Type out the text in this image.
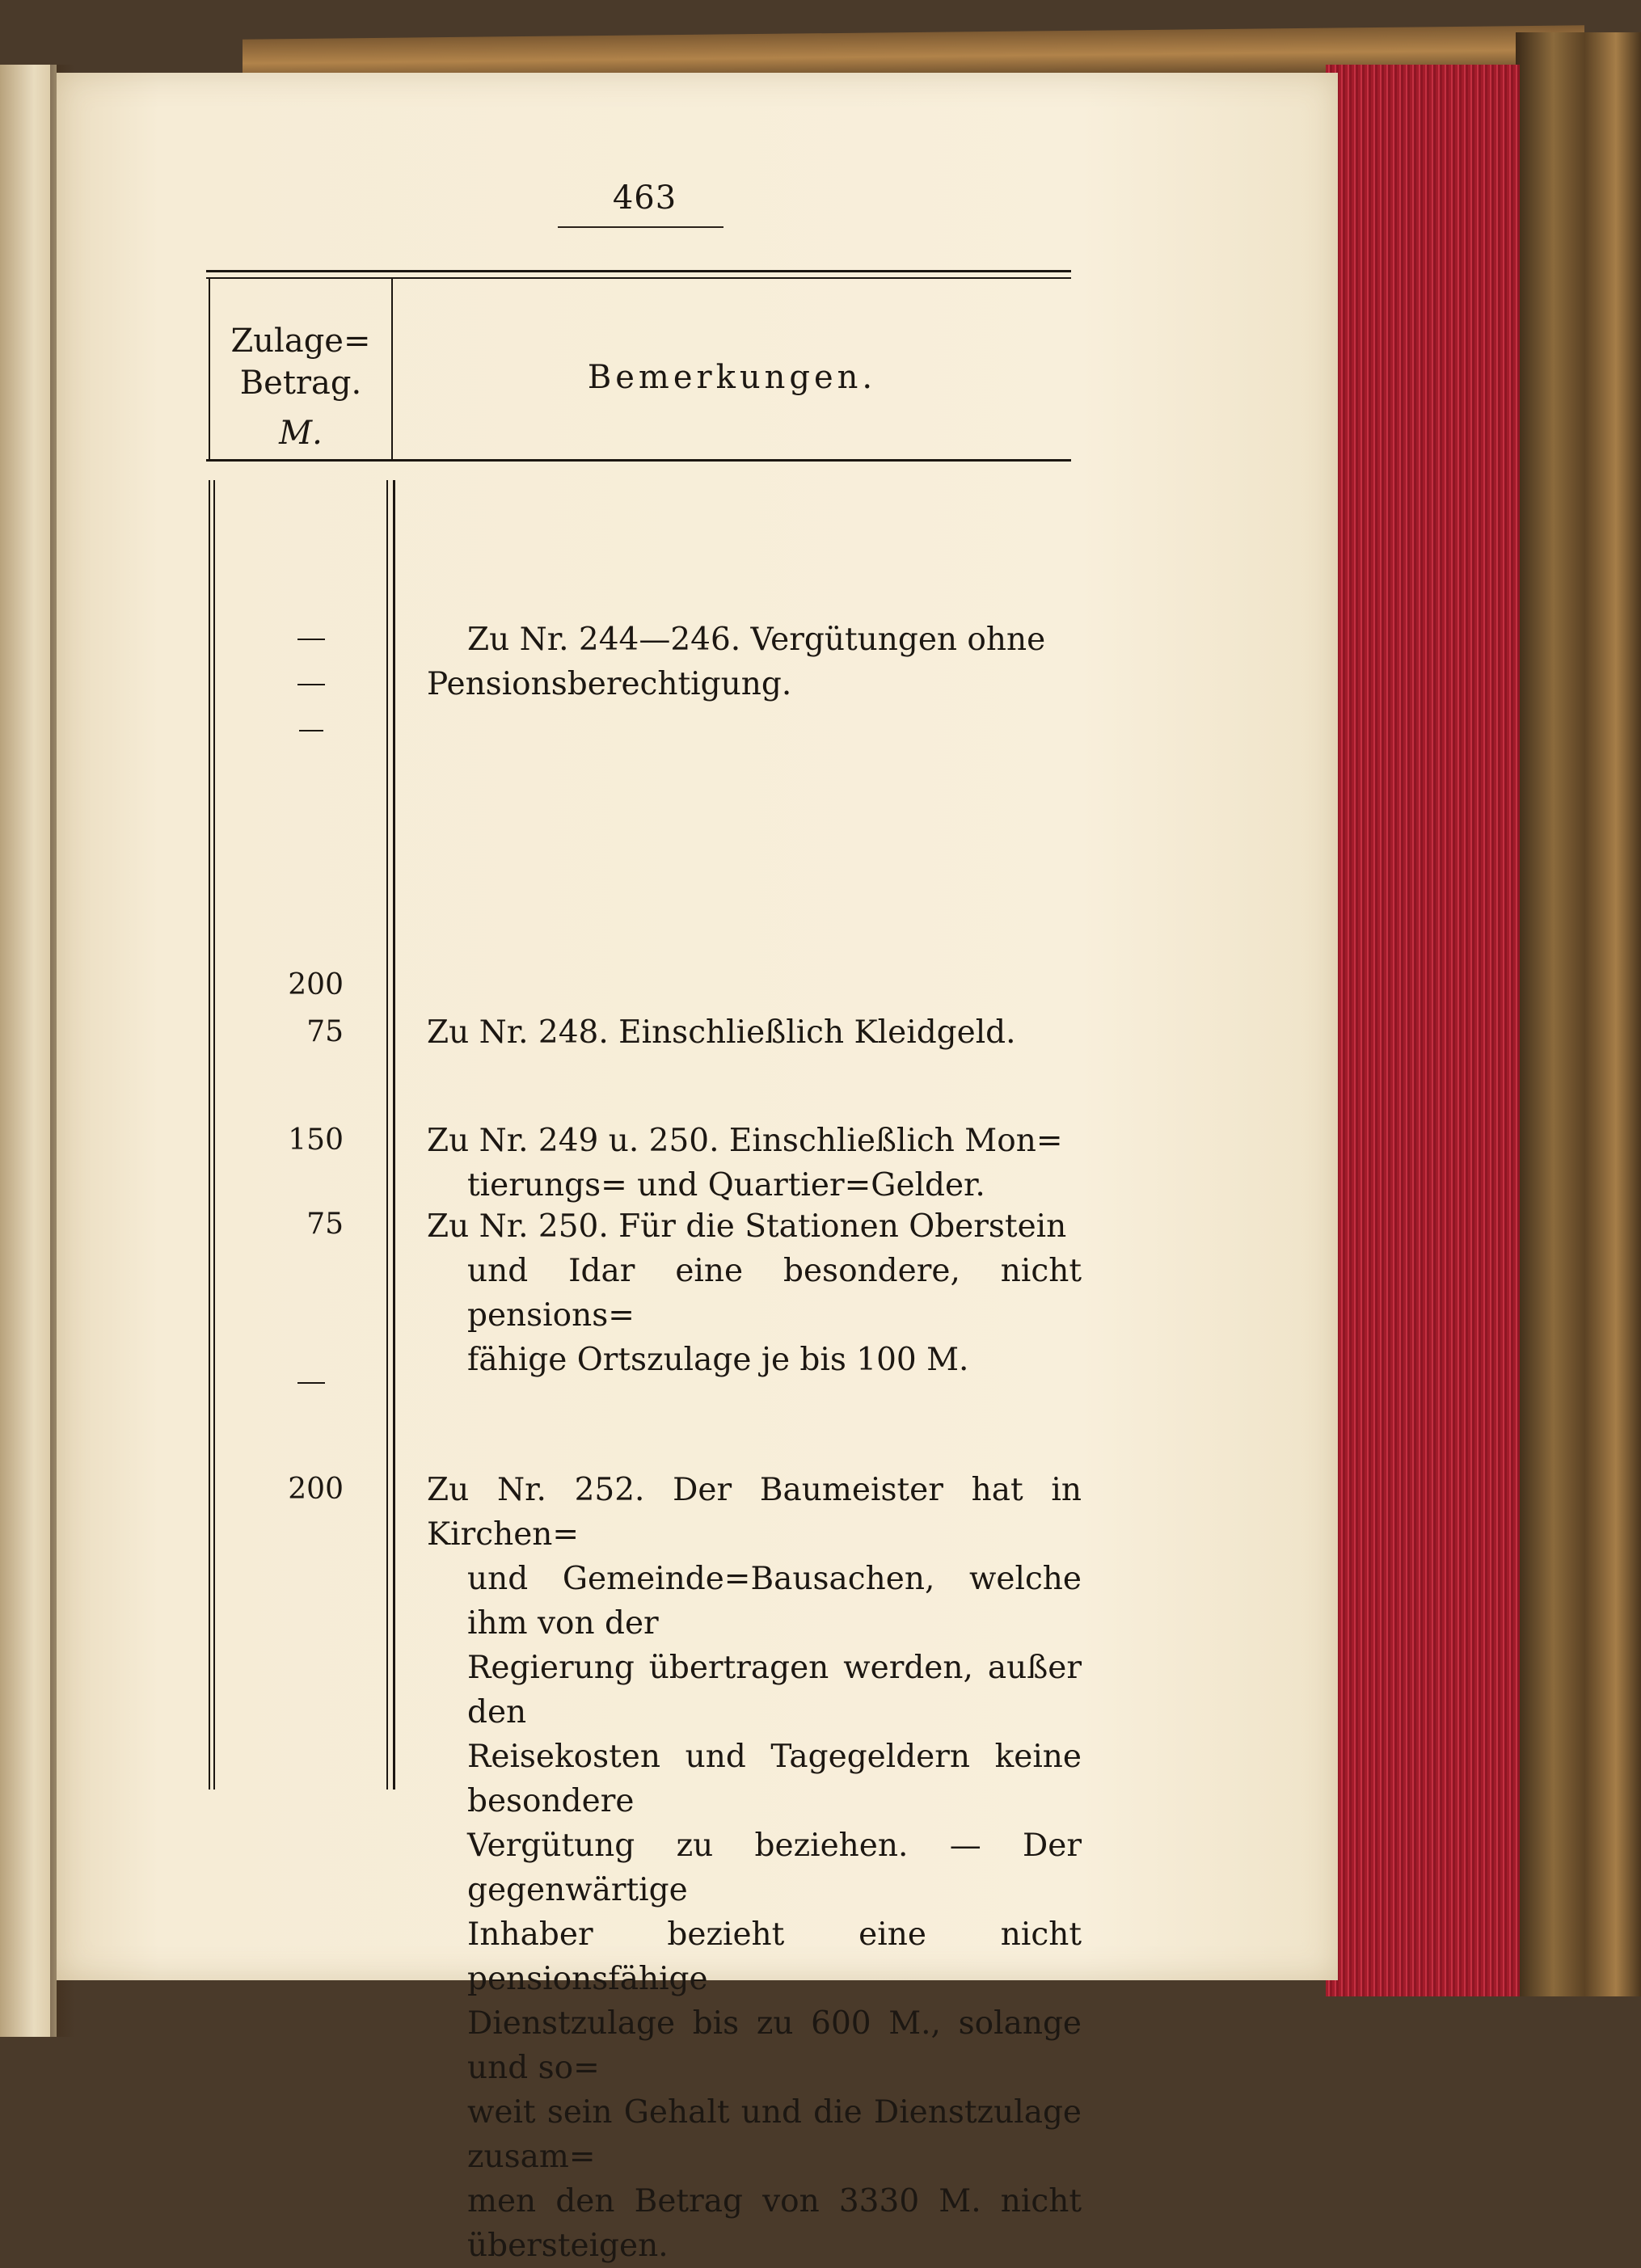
463
Zulage=
Betrag.
M.
Bemerkungen.
200
75
150
75
200
Zu Nr. 244—246. Vergütungen ohne
Pensionsberechtigung.
Zu Nr. 248. Einschließlich Kleidgeld.
Zu Nr. 249 u. 250. Einschließlich Mon=
tierungs= und Quartier=Gelder.
Zu Nr. 250. Für die Stationen Oberstein
und Idar eine besondere, nicht pensions=
fähige Ortszulage je bis 100 M.
Zu Nr. 252. Der Baumeister hat in Kirchen=
und Gemeinde=Bausachen, welche ihm von der
Regierung übertragen werden, außer den
Reisekosten und Tagegeldern keine besondere
Vergütung zu beziehen. — Der gegenwärtige
Inhaber bezieht eine nicht pensionsfähige
Dienstzulage bis zu 600 M., solange und so=
weit sein Gehalt und die Dienstzulage zusam=
men den Betrag von 3330 M. nicht übersteigen.
